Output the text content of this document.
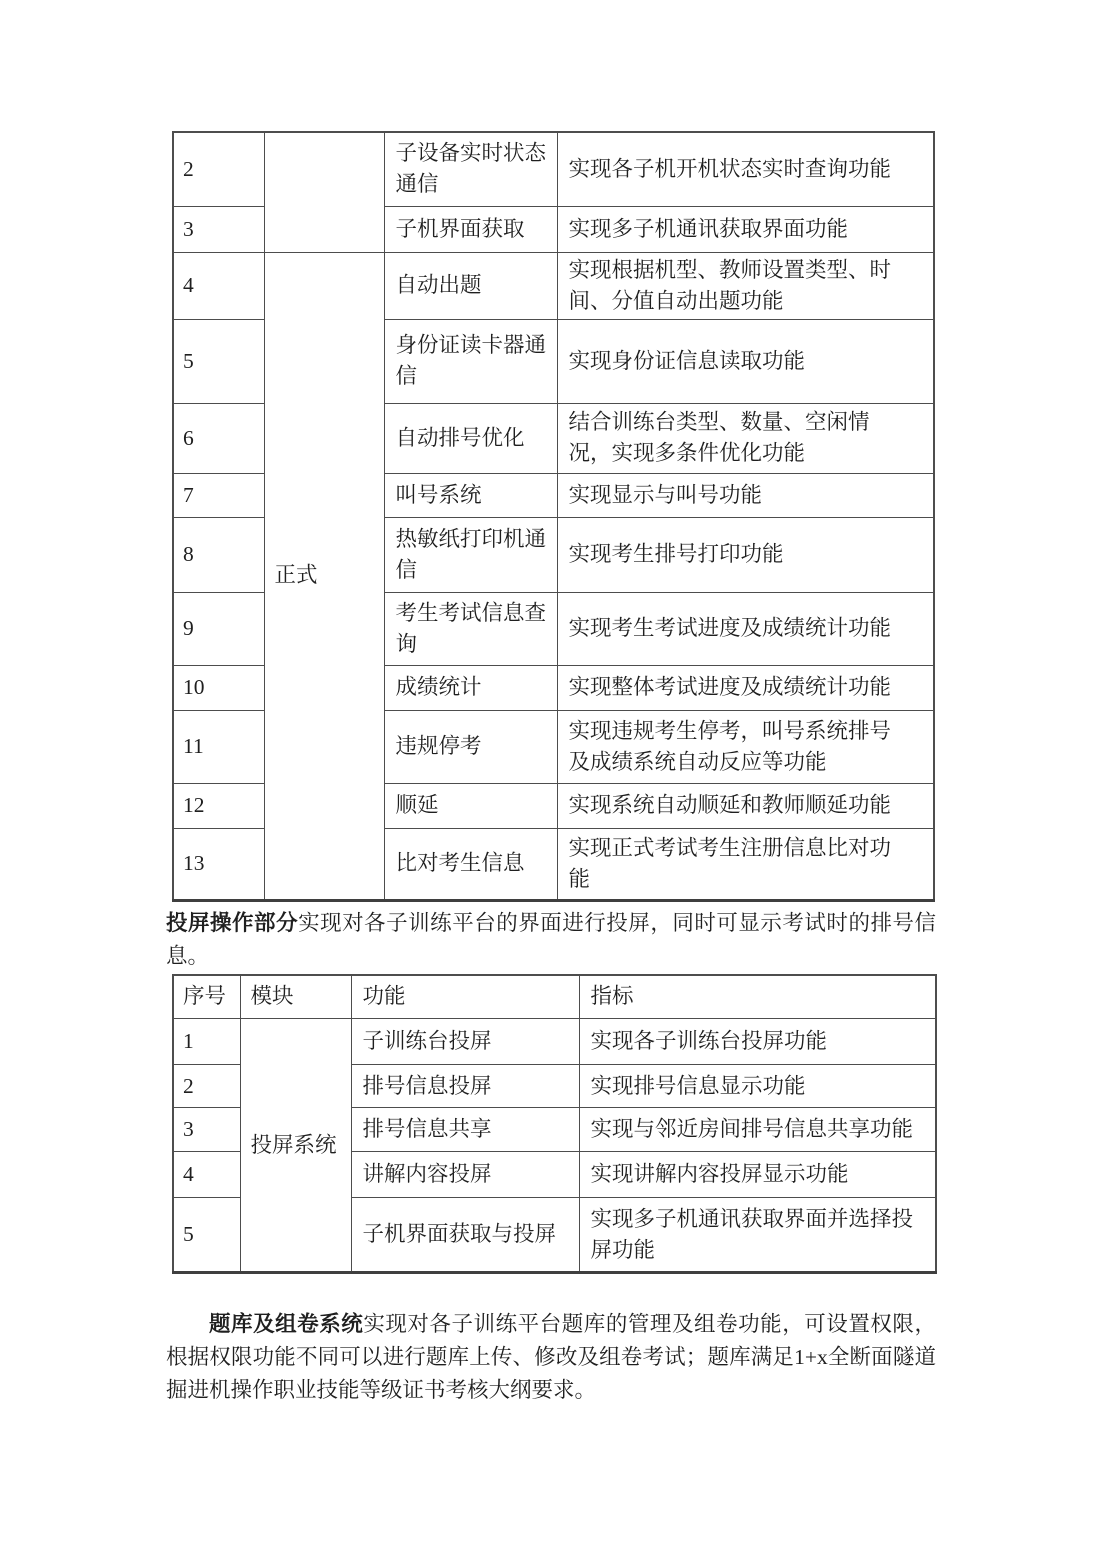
2		子设备实时状态通信	实现各子机开机状态实时查询功能
3		子机界面获取	实现多子机通讯获取界面功能
4	正式	自动出题	实现根据机型、教师设置类型、时间、分值自动出题功能
5		身份证读卡器通信	实现身份证信息读取功能
6		自动排号优化	结合训练台类型、数量、空闲情况，实现多条件优化功能
7		叫号系统	实现显示与叫号功能
8		热敏纸打印机通信	实现考生排号打印功能
9		考生考试信息查询	实现考生考试进度及成绩统计功能
10		成绩统计	实现整体考试进度及成绩统计功能
11		违规停考	实现违规考生停考，叫号系统排号及成绩系统自动反应等功能
12		顺延	实现系统自动顺延和教师顺延功能
13		比对考生信息	实现正式考试考生注册信息比对功能

投屏操作部分实现对各子训练平台的界面进行投屏，同时可显示考试时的排号信息。

序号	模块	功能	指标
1	投屏系统	子训练台投屏	实现各子训练台投屏功能
2		排号信息投屏	实现排号信息显示功能
3		排号信息共享	实现与邻近房间排号信息共享功能
4		讲解内容投屏	实现讲解内容投屏显示功能
5		子机界面获取与投屏	实现多子机通讯获取界面并选择投屏功能

题库及组卷系统实现对各子训练平台题库的管理及组卷功能，可设置权限，根据权限功能不同可以进行题库上传、修改及组卷考试；题库满足1+x全断面隧道掘进机操作职业技能等级证书考核大纲要求。
